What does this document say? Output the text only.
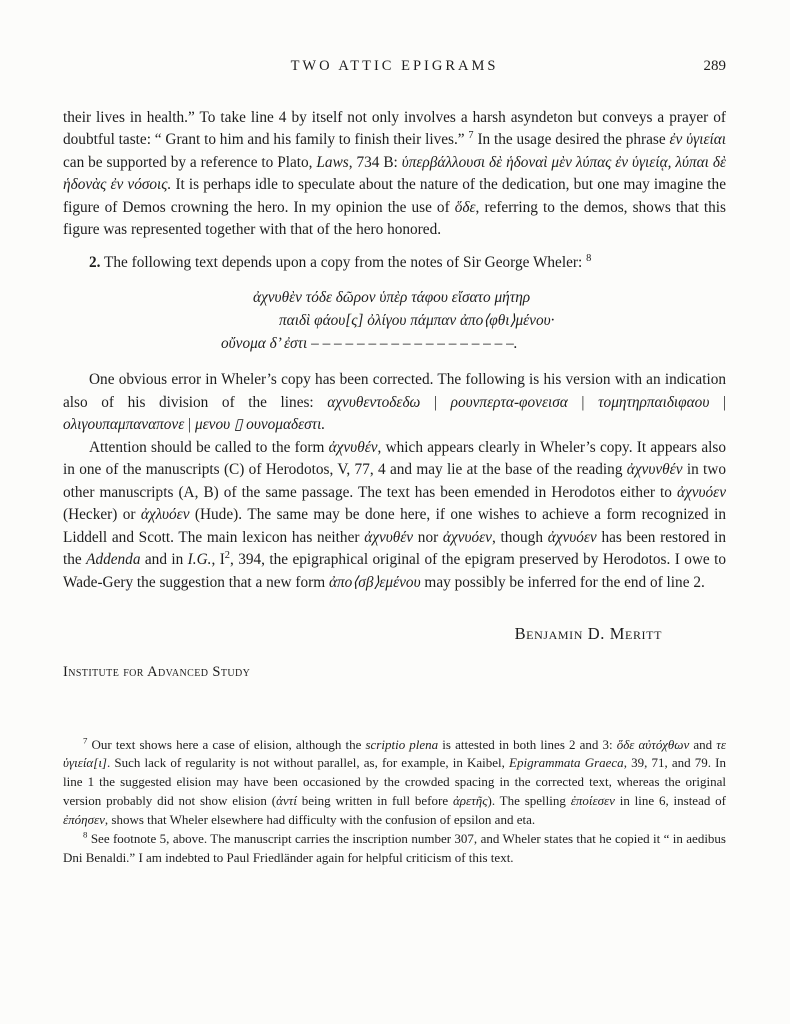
TWO ATTIC EPIGRAMS	289

their lives in health.” To take line 4 by itself not only involves a harsh asyndeton but conveys a prayer of doubtful taste: “ Grant to him and his family to finish their lives.” $^7$ In the usage desired the phrase ἐν ὑγιείαι can be supported by a reference to Plato, Laws, 734 B: ὑπερβάλλουσι δὲ ἡδοναὶ μὲν λύπας ἐν ὑγιείᾳ, λύπαι δὲ ἡδονὰς ἐν νόσοις. It is perhaps idle to speculate about the nature of the dedication, but one may imagine the figure of Demos crowning the hero. In my opinion the use of ὅδε, referring to the demos, shows that this figure was represented together with that of the hero honored.

2. The following text depends upon a copy from the notes of Sir George Wheler: $^8$

ἀχνυθὲν τόδε δῶρον ὑπὲρ τάφου εἴσατο μήτηρ
παιδὶ φάου[ς] ὀλίγου πάμπαν ἀπο⟨φθι⟩μένου·
οὔνομα δ’ ἐστι – – – – – – – – – – – – – – – – – –.

One obvious error in Wheler’s copy has been corrected. The following is his version with an indication also of his division of the lines: αχνυθεντοδεδω | ρουνπερτα-φονεισα | τομητηρπαιδιφαου | ολιγουπαμπαναπονε | μενου ▯ ουνομαδεστι.

Attention should be called to the form ἀχνυθέν, which appears clearly in Wheler’s copy. It appears also in one of the manuscripts (C) of Herodotos, V, 77, 4 and may lie at the base of the reading ἀχνυνθέν in two other manuscripts (A, B) of the same passage. The text has been emended in Herodotos either to ἀχνυόεν (Hecker) or ἀχλυόεν (Hude). The same may be done here, if one wishes to achieve a form recognized in Liddell and Scott. The main lexicon has neither ἀχνυθέν nor ἀχνυόεν, though ἀχνυόεν has been restored in the Addenda and in I.G., $I^2$, 394, the epigraphical original of the epigram preserved by Herodotos. I owe to Wade-Gery the suggestion that a new form ἀπο⟨σβ⟩εμένου may possibly be inferred for the end of line 2.

Benjamin D. Meritt
Institute for Advanced Study

$^7$ Our text shows here a case of elision, although the scriptio plena is attested in both lines 2 and 3: ὅδε αὐτόχθων and τε ὑγιεία[ι]. Such lack of regularity is not without parallel, as, for example, in Kaibel, Epigrammata Graeca, 39, 71, and 79. In line 1 the suggested elision may have been occasioned by the crowded spacing in the corrected text, whereas the original version probably did not show elision (ἀντί being written in full before ἀρετῆς). The spelling ἐποίεσεν in line 6, instead of ἐπόησεν, shows that Wheler elsewhere had difficulty with the confusion of epsilon and eta.

$^8$ See footnote 5, above. The manuscript carries the inscription number 307, and Wheler states that he copied it “ in aedibus Dni Benaldi.” I am indebted to Paul Friedländer again for helpful criticism of this text.
